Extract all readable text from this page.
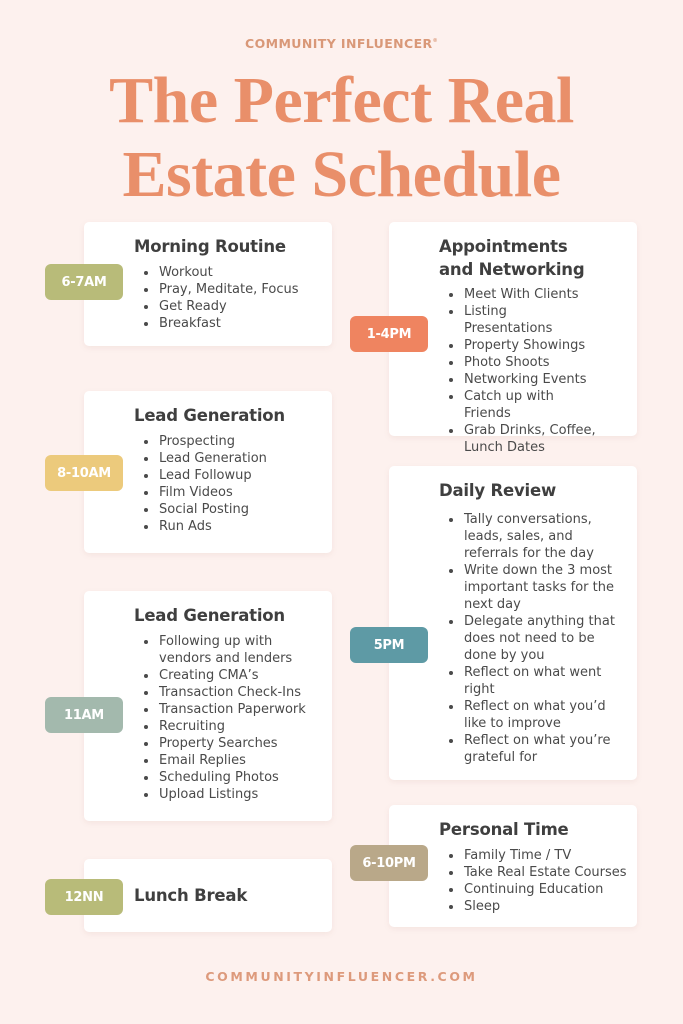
COMMUNITY INFLUENCER®
The Perfect Real
Estate Schedule
Morning Routine
Workout
Pray, Meditate, Focus
Get Ready
Breakfast
6-7AM
Lead Generation
Prospecting
Lead Generation
Lead Followup
Film Videos
Social Posting
Run Ads
8-10AM
Lead Generation
Following up with vendors and lenders
Creating CMA’s
Transaction Check-Ins
Transaction Paperwork
Recruiting
Property Searches
Email Replies
Scheduling Photos
Upload Listings
11AM
Lunch Break
12NN
Appointments and Networking
Meet With Clients
Listing Presentations
Property Showings
Photo Shoots
Networking Events
Catch up with Friends
Grab Drinks, Coffee, Lunch Dates
1-4PM
Daily Review
Tally conversations, leads, sales, and referrals for the day
Write down the 3 most important tasks for the next day
Delegate anything that does not need to be done by you
Reflect on what went right
Reflect on what you’d like to improve
Reflect on what you’re grateful for
5PM
Personal Time
Family Time / TV
Take Real Estate Courses
Continuing Education
Sleep
6-10PM
COMMUNITYINFLUENCER.COM
